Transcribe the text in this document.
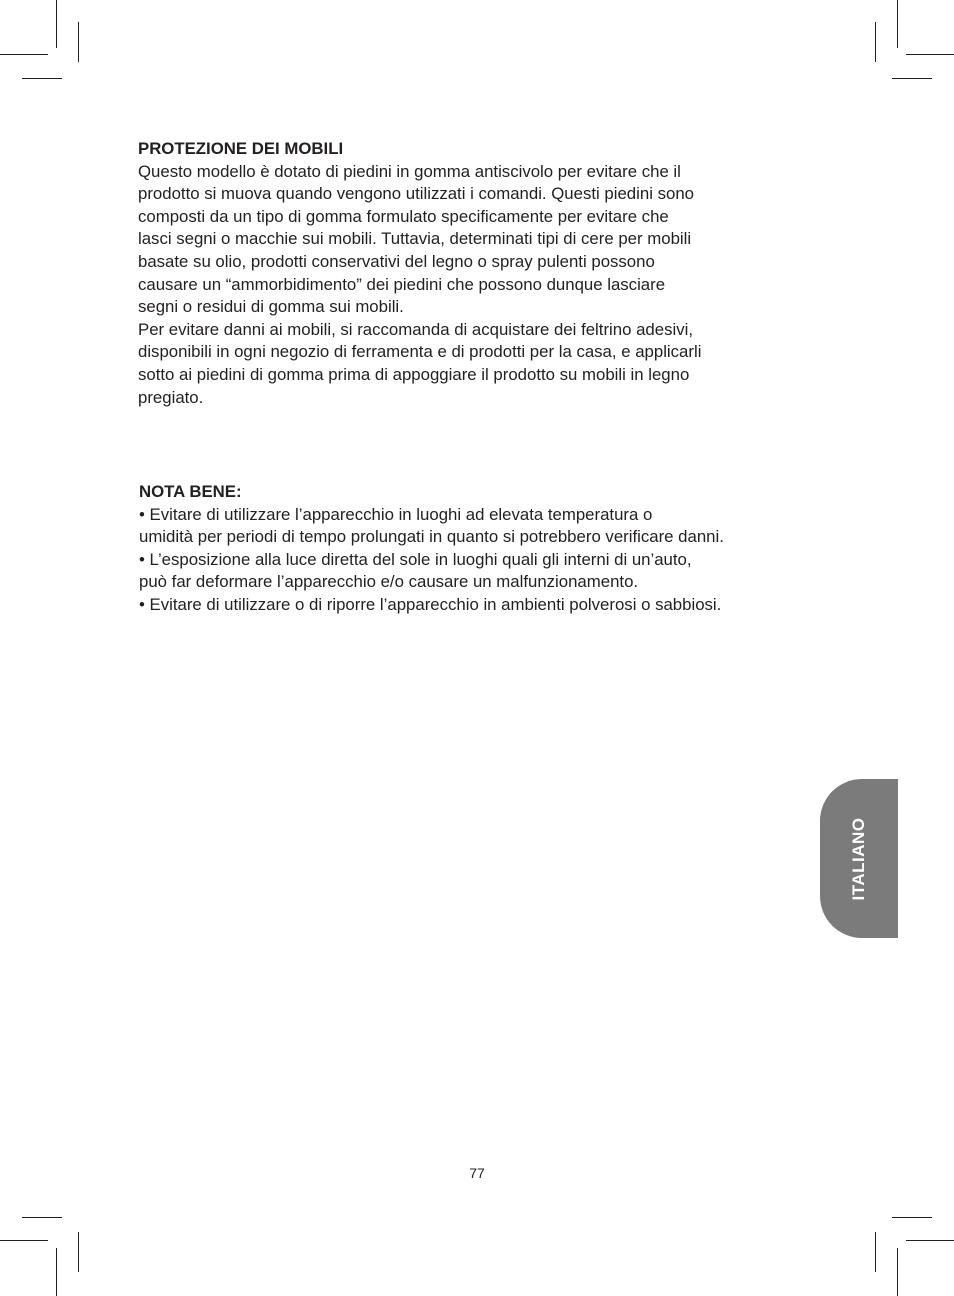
PROTEZIONE DEI MOBILI
Questo modello è dotato di piedini in gomma antiscivolo per evitare che il
prodotto si muova quando vengono utilizzati i comandi. Questi piedini sono
composti da un tipo di gomma formulato specificamente per evitare che
lasci segni o macchie sui mobili. Tuttavia, determinati tipi di cere per mobili
basate su olio, prodotti conservativi del legno o spray pulenti possono
causare un “ammorbidimento” dei piedini che possono dunque lasciare
segni o residui di gomma sui mobili.
Per evitare danni ai mobili, si raccomanda di acquistare dei feltrino adesivi,
disponibili in ogni negozio di ferramenta e di prodotti per la casa, e applicarli
sotto ai piedini di gomma prima di appoggiare il prodotto su mobili in legno
pregiato.
NOTA BENE:
• Evitare di utilizzare l’apparecchio in luoghi ad elevata temperatura o
umidità per periodi di tempo prolungati in quanto si potrebbero verificare danni.
• L’esposizione alla luce diretta del sole in luoghi quali gli interni di un’auto,
può far deformare l’apparecchio e/o causare un malfunzionamento.
• Evitare di utilizzare o di riporre l’apparecchio in ambienti polverosi o sabbiosi.
ITALIANO
77
